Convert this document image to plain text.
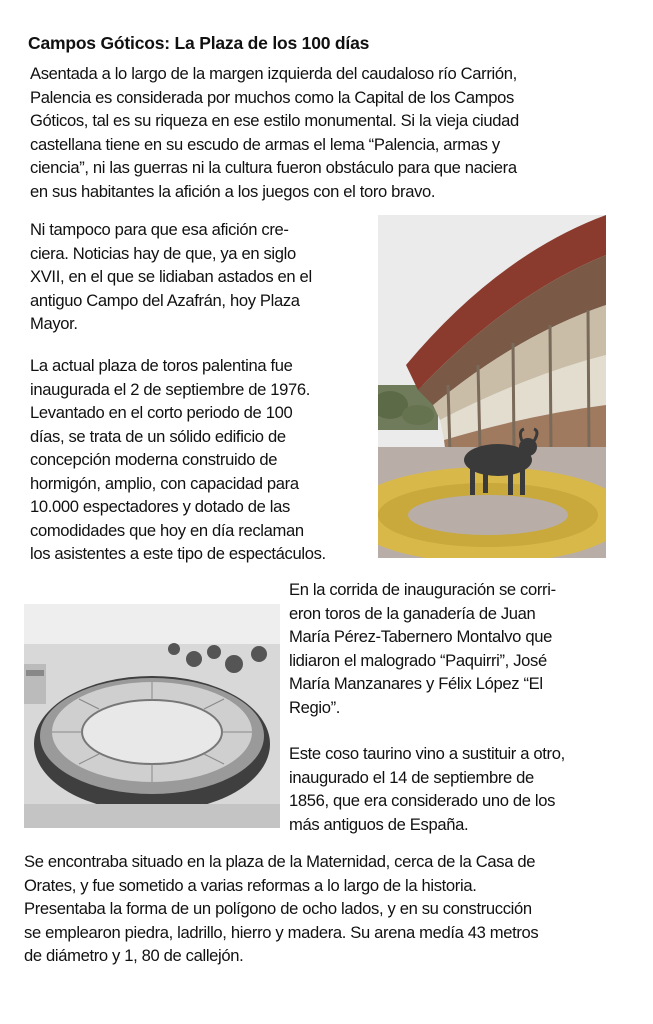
Campos Góticos: La Plaza de los 100 días
Asentada a lo largo de la margen izquierda del caudaloso río Carrión,
Palencia es considerada por muchos como la Capital de los Campos
Góticos, tal es su riqueza en ese estilo monumental. Si la vieja ciudad
castellana tiene en su escudo de armas el lema “Palencia, armas y
ciencia”, ni las guerras ni la cultura fueron obstáculo para que naciera
en sus habitantes la afición a los juegos con el toro bravo.
Ni tampoco para que esa afición cre-
ciera. Noticias hay de que, ya en siglo
XVII, en el que se lidiaban astados en el
antiguo Campo del Azafrán, hoy Plaza
Mayor.
La actual plaza de toros palentina fue
inaugurada el 2 de septiembre de 1976.
Levantado en el corto periodo de 100
días, se trata de un sólido edificio de
concepción moderna construido de
hormigón, amplio, con capacidad para
10.000 espectadores y dotado de las
comodidades que hoy en día reclaman
los asistentes a este tipo de espectáculos.
En la corrida de inauguración se corri-
eron toros de la ganadería de Juan
María Pérez-Tabernero Montalvo que
lidiaron el malogrado “Paquirri”, José
María Manzanares y Félix López “El
Regio”.
Este coso taurino vino a sustituir a otro,
inaugurado el 14 de septiembre de
1856, que era considerado uno de los
más antiguos de España.
Se encontraba situado en la plaza de la Maternidad, cerca de la Casa de
Orates, y fue sometido a varias reformas a lo largo de la historia.
Presentaba la forma de un polígono de ocho lados, y en su construcción
se emplearon piedra, ladrillo, hierro y madera. Su arena medía 43 metros
de diámetro y 1, 80 de callejón.
